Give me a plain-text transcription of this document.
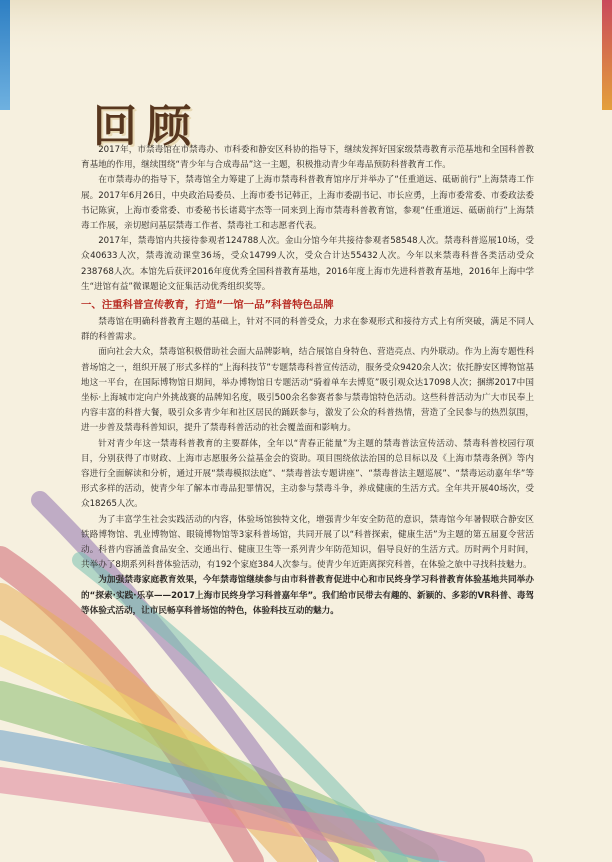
回顾

2017年，市禁毒馆在市禁毒办、市科委和静安区科协的指导下，继续发挥好国家级禁毒教育示范基地和全国科普教育基地的作用，继续围绕“青少年与合成毒品”这一主题，积极推动青少年毒品预防科普教育工作。

在市禁毒办的指导下，禁毒馆全力筹建了上海市禁毒科普教育馆序厅并举办了“任重道远、砥砺前行”上海禁毒工作展。2017年6月26日，中央政治局委员、上海市委书记韩正，上海市委副书记、市长应勇，上海市委常委、市委政法委书记陈寅，上海市委常委、市委秘书长诸葛宇杰等一同来到上海市禁毒科普教育馆，参观“任重道远、砥砺前行”上海禁毒工作展，亲切慰问基层禁毒工作者、禁毒社工和志愿者代表。

2017年，禁毒馆内共接待参观者124788人次。金山分馆今年共接待参观者58548人次。禁毒科普巡展10场，受众40633人次，禁毒流动课堂36场，受众14799人次，受众合计达55432人次。今年以来禁毒科普各类活动受众238768人次。本馆先后获评2016年度优秀全国科普教育基地，2016年度上海市先进科普教育基地，2016年上海中学生“进馆有益”微课题论文征集活动优秀组织奖等。

一、注重科普宣传教育，打造“一馆一品”科普特色品牌

禁毒馆在明确科普教育主题的基础上，针对不同的科普受众，力求在参观形式和接待方式上有所突破，满足不同人群的科普需求。

面向社会大众，禁毒馆积极借助社会面大品牌影响，结合展馆自身特色、营造亮点、内外联动。作为上海专题性科普场馆之一，组织开展了形式多样的“上海科技节”专题禁毒科普宣传活动，服务受众9420余人次；依托静安区博物馆基地这一平台，在国际博物馆日期间，举办博物馆日专题活动“骑着单车去博览”吸引观众达17098人次；捆绑2017中国坐标·上海城市定向户外挑战赛的品牌知名度，吸引500余名参赛者参与禁毒馆特色活动。这些科普活动为广大市民奉上内容丰富的科普大餐，吸引众多青少年和社区居民的踊跃参与，激发了公众的科普热情，营造了全民参与的热烈氛围，进一步普及禁毒科普知识，提升了禁毒科普活动的社会覆盖面和影响力。

针对青少年这一禁毒科普教育的主要群体，全年以“青春正能量”为主题的禁毒普法宣传活动、禁毒科普校园行项目，分别获得了市财政、上海市志愿服务公益基金会的资助。项目围绕依法治国的总目标以及《上海市禁毒条例》等内容进行全面解读和分析，通过开展“禁毒模拟法庭”、“禁毒普法专题讲座”、“禁毒普法主题巡展”、“禁毒运动嘉年华”等形式多样的活动，使青少年了解本市毒品犯罪情况，主动参与禁毒斗争，养成健康的生活方式。全年共开展40场次，受众18265人次。

为了丰富学生社会实践活动的内容，体验场馆独特文化，增强青少年安全防范的意识，禁毒馆今年暑假联合静安区铁路博物馆、乳业博物馆、眼镜博物馆等3家科普场馆，共同开展了以“科普探索，健康生活”为主题的第五届夏令营活动。科普内容涵盖食品安全、交通出行、健康卫生等一系列青少年防范知识，倡导良好的生活方式。历时两个月时间，共举办了8期系列科普体验活动，有192个家庭384人次参与。使青少年近距离探究科普，在体验之旅中寻找科技魅力。

为加强禁毒家庭教育效果，今年禁毒馆继续参与由市科普教育促进中心和市民终身学习科普教育体验基地共同举办的“探索·实践·乐享——2017上海市民终身学习科普嘉年华”。我们给市民带去有趣的、新颖的、多彩的VR科普、毒驾等体验式活动，让市民畅享科普场馆的特色，体验科技互动的魅力。
